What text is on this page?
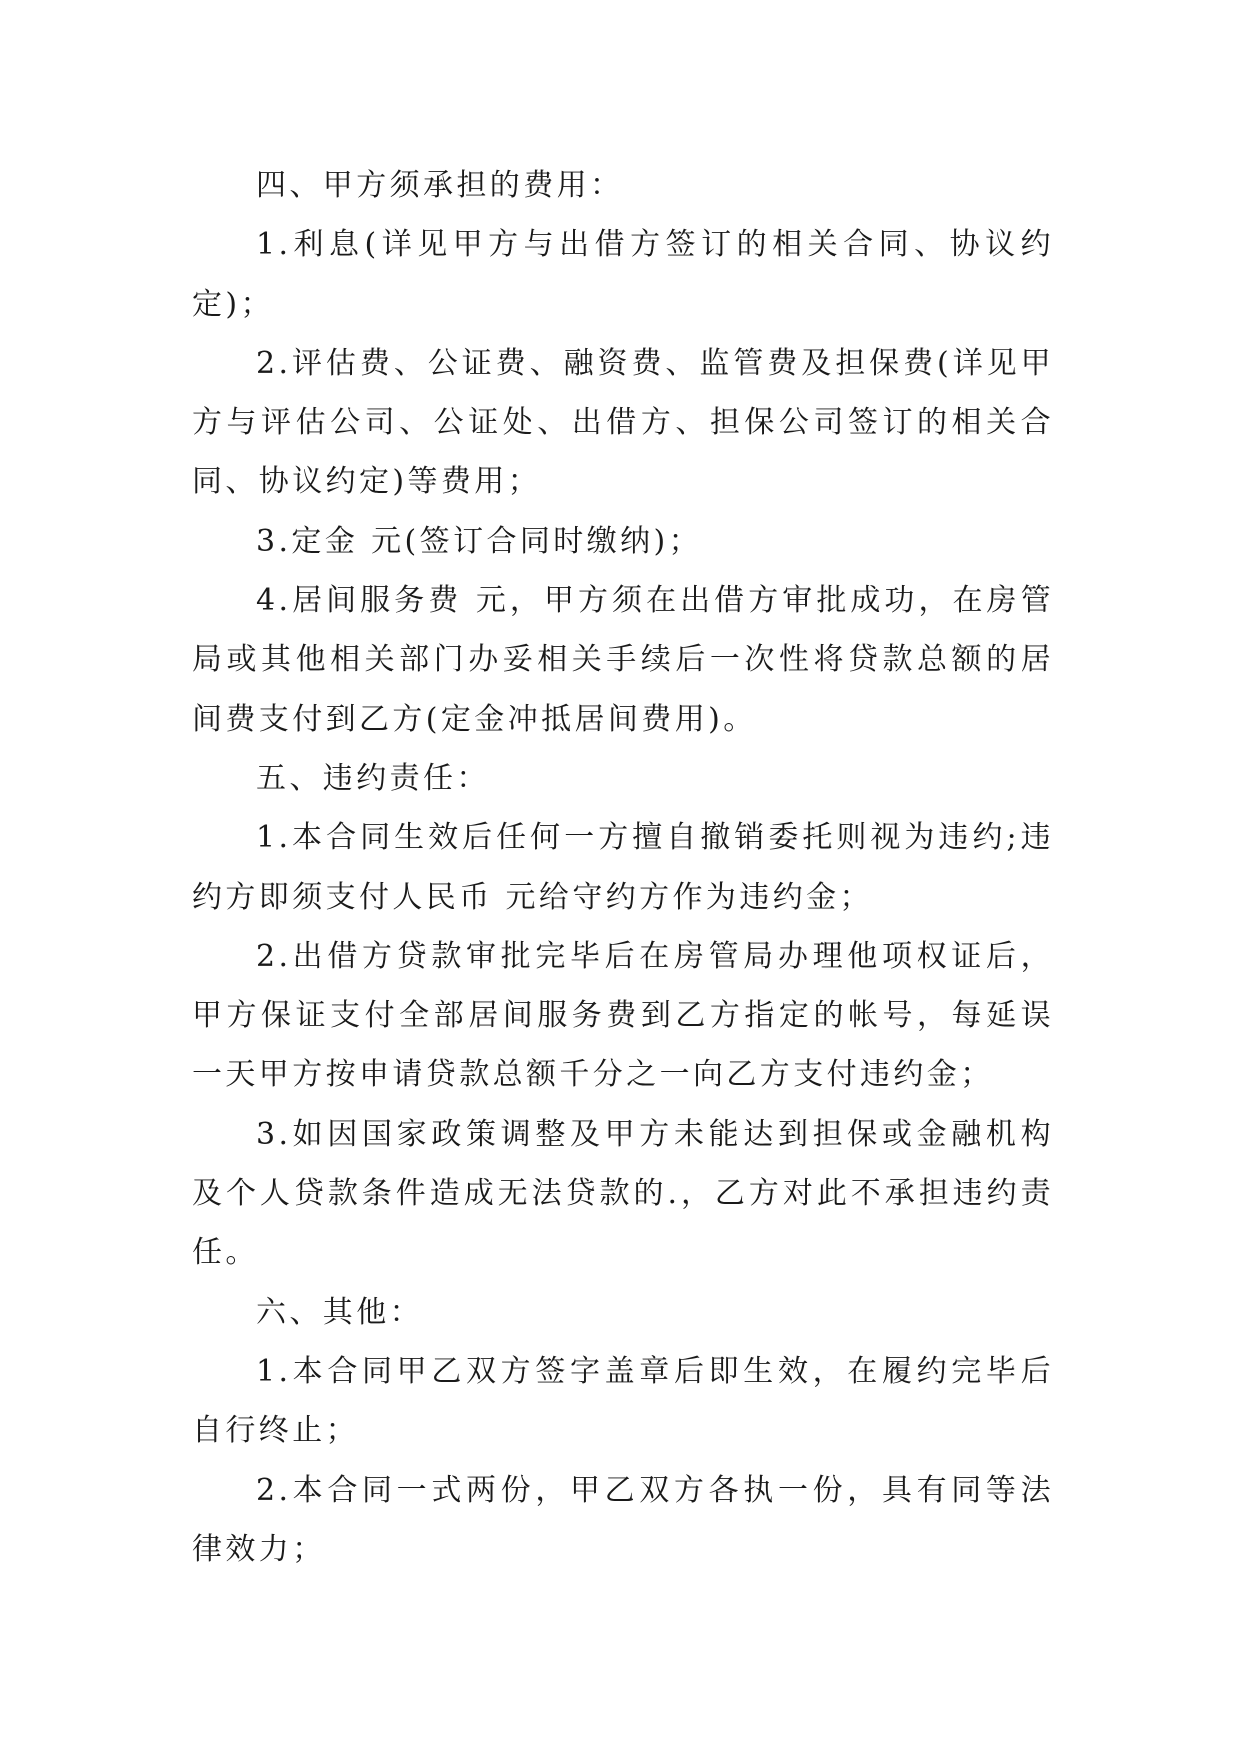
四、甲方须承担的费用：

1.利息(详见甲方与出借方签订的相关合同、协议约定)；

2.评估费、公证费、融资费、监管费及担保费(详见甲方与评估公司、公证处、出借方、担保公司签订的相关合同、协议约定)等费用；

3.定金 元(签订合同时缴纳)；

4.居间服务费 元，甲方须在出借方审批成功，在房管局或其他相关部门办妥相关手续后一次性将贷款总额的居间费支付到乙方(定金冲抵居间费用)。

五、违约责任：

1.本合同生效后任何一方擅自撤销委托则视为违约;违约方即须支付人民币 元给守约方作为违约金；

2.出借方贷款审批完毕后在房管局办理他项权证后，甲方保证支付全部居间服务费到乙方指定的帐号，每延误一天甲方按申请贷款总额千分之一向乙方支付违约金；

3.如因国家政策调整及甲方未能达到担保或金融机构及个人贷款条件造成无法贷款的.，乙方对此不承担违约责任。

六、其他：

1.本合同甲乙双方签字盖章后即生效，在履约完毕后自行终止；

2.本合同一式两份，甲乙双方各执一份，具有同等法律效力；
